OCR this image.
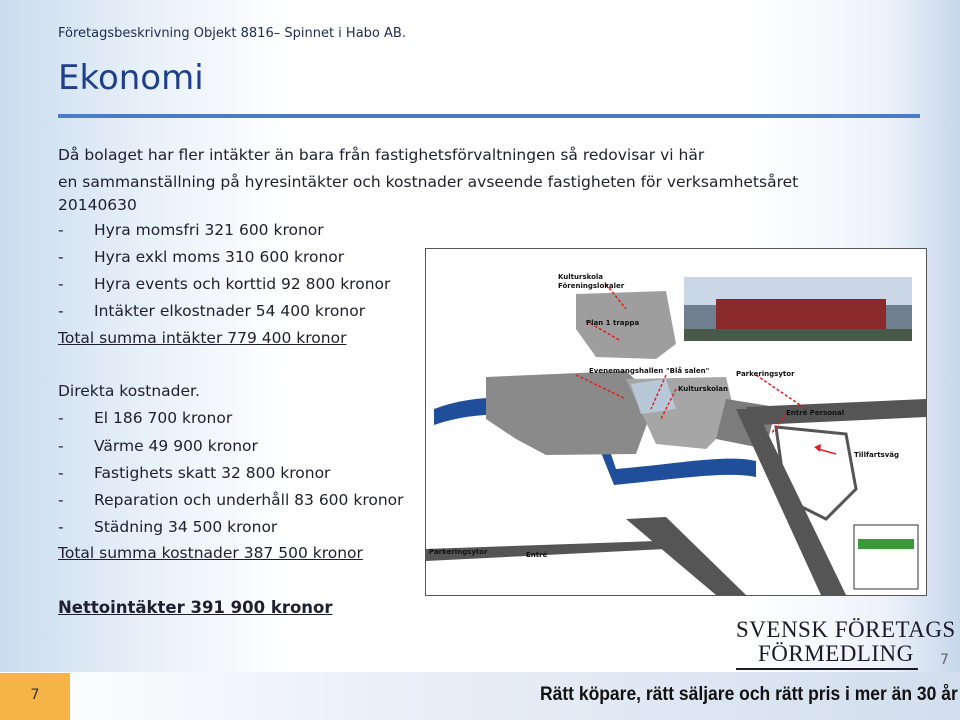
Företagsbeskrivning Objekt 8816– Spinnet i Habo AB.
Ekonomi
Då bolaget har fler intäkter än bara från fastighetsförvaltningen så redovisar vi här
en sammanställning på hyresintäkter och kostnader avseende fastigheten för verksamhetsåret
20140630
- Hyra momsfri 321 600 kronor
- Hyra exkl moms 310 600 kronor
- Hyra events och korttid 92 800 kronor
- Intäkter elkostnader 54 400 kronor
Total summa intäkter 779 400 kronor
Direkta kostnader.
- El 186 700 kronor
- Värme 49 900 kronor
- Fastighets skatt 32 800 kronor
- Reparation och underhåll 83 600 kronor
- Städning 34 500 kronor
Total summa kostnader 387 500 kronor
Nettointäkter 391 900 kronor
Kulturskola
Föreningslokaler
Plan 1 trappa
Evenemangshallen "Blå salen"	Parkeringsytor
Kulturskolan
Entré Personal
Tillfartsväg
Parkeringsytor	Entré
SVENSK FÖRETAGS
FÖRMEDLING 7
7	Rätt köpare, rätt säljare och rätt pris i mer än 30 år
